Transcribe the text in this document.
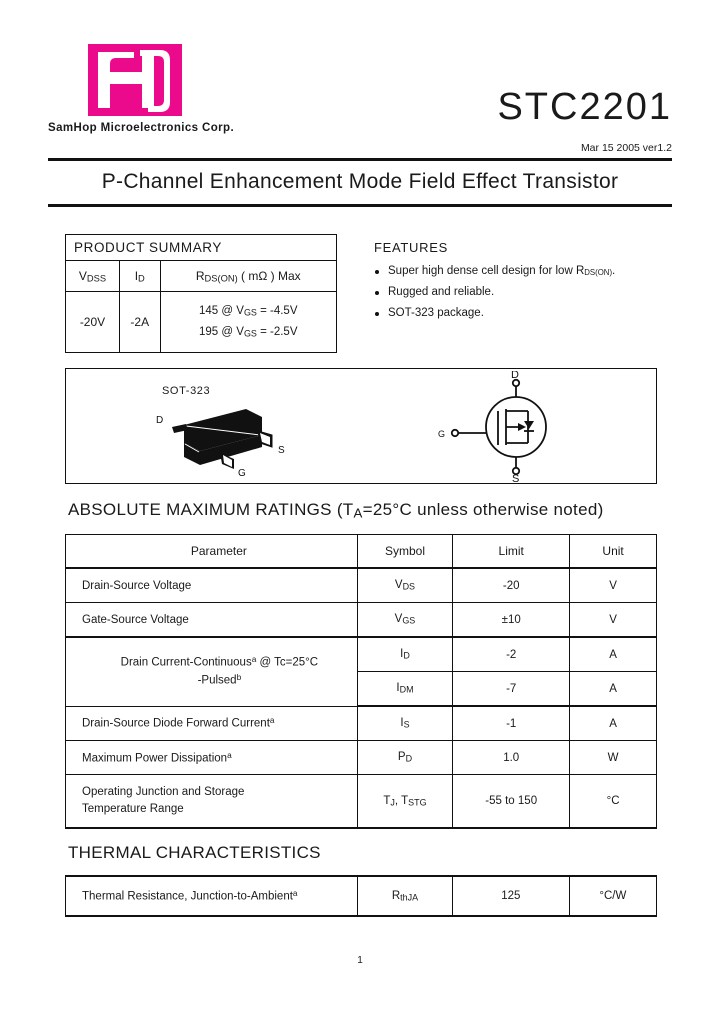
SamHop Microelectronics Corp.	STC2201
Mar 15 2005 ver1.2
P-Channel Enhancement Mode Field Effect Transistor
PRODUCT SUMMARY		
$V_{DSS}$	$I_D$	$R_{DS(ON)}$ ( mΩ ) Max
-20V	-2A	145 @ $V_{GS} = -4.5V$
195 @ $V_{GS} = -2.5V$
FEATURES
Super high dense cell design for low $R_{DS(ON)}$.
Rugged and reliable.
SOT-323 package.
SOT-323
D
S
G
D
S
G
ABSOLUTE MAXIMUM RATINGS ($T_A=25^\circ C$ unless otherwise noted)
Parameter	Symbol	Limit	Unit
Drain-Source Voltage	$V_{DS}$	-20	V
Gate-Source Voltage	$V_{GS}$	±10	V

Drain Current-Continuous$^a$ @ Tc=25°C
-Pulsed$^b$	$I_D$	-2	A
	$I_{DM}$	-7	A
Drain-Source Diode Forward Current$^a$	$I_S$	-1	A
Maximum Power Dissipation$^a$	$P_D$	1.0	W

Operating Junction and Storage
Temperature Range	$T_J$, $T_{STG}$	-55 to 150	°C
THERMAL CHARACTERISTICS
Thermal Resistance, Junction-to-Ambient$^a$	$R_{thJA}$	125	°C/W
1
